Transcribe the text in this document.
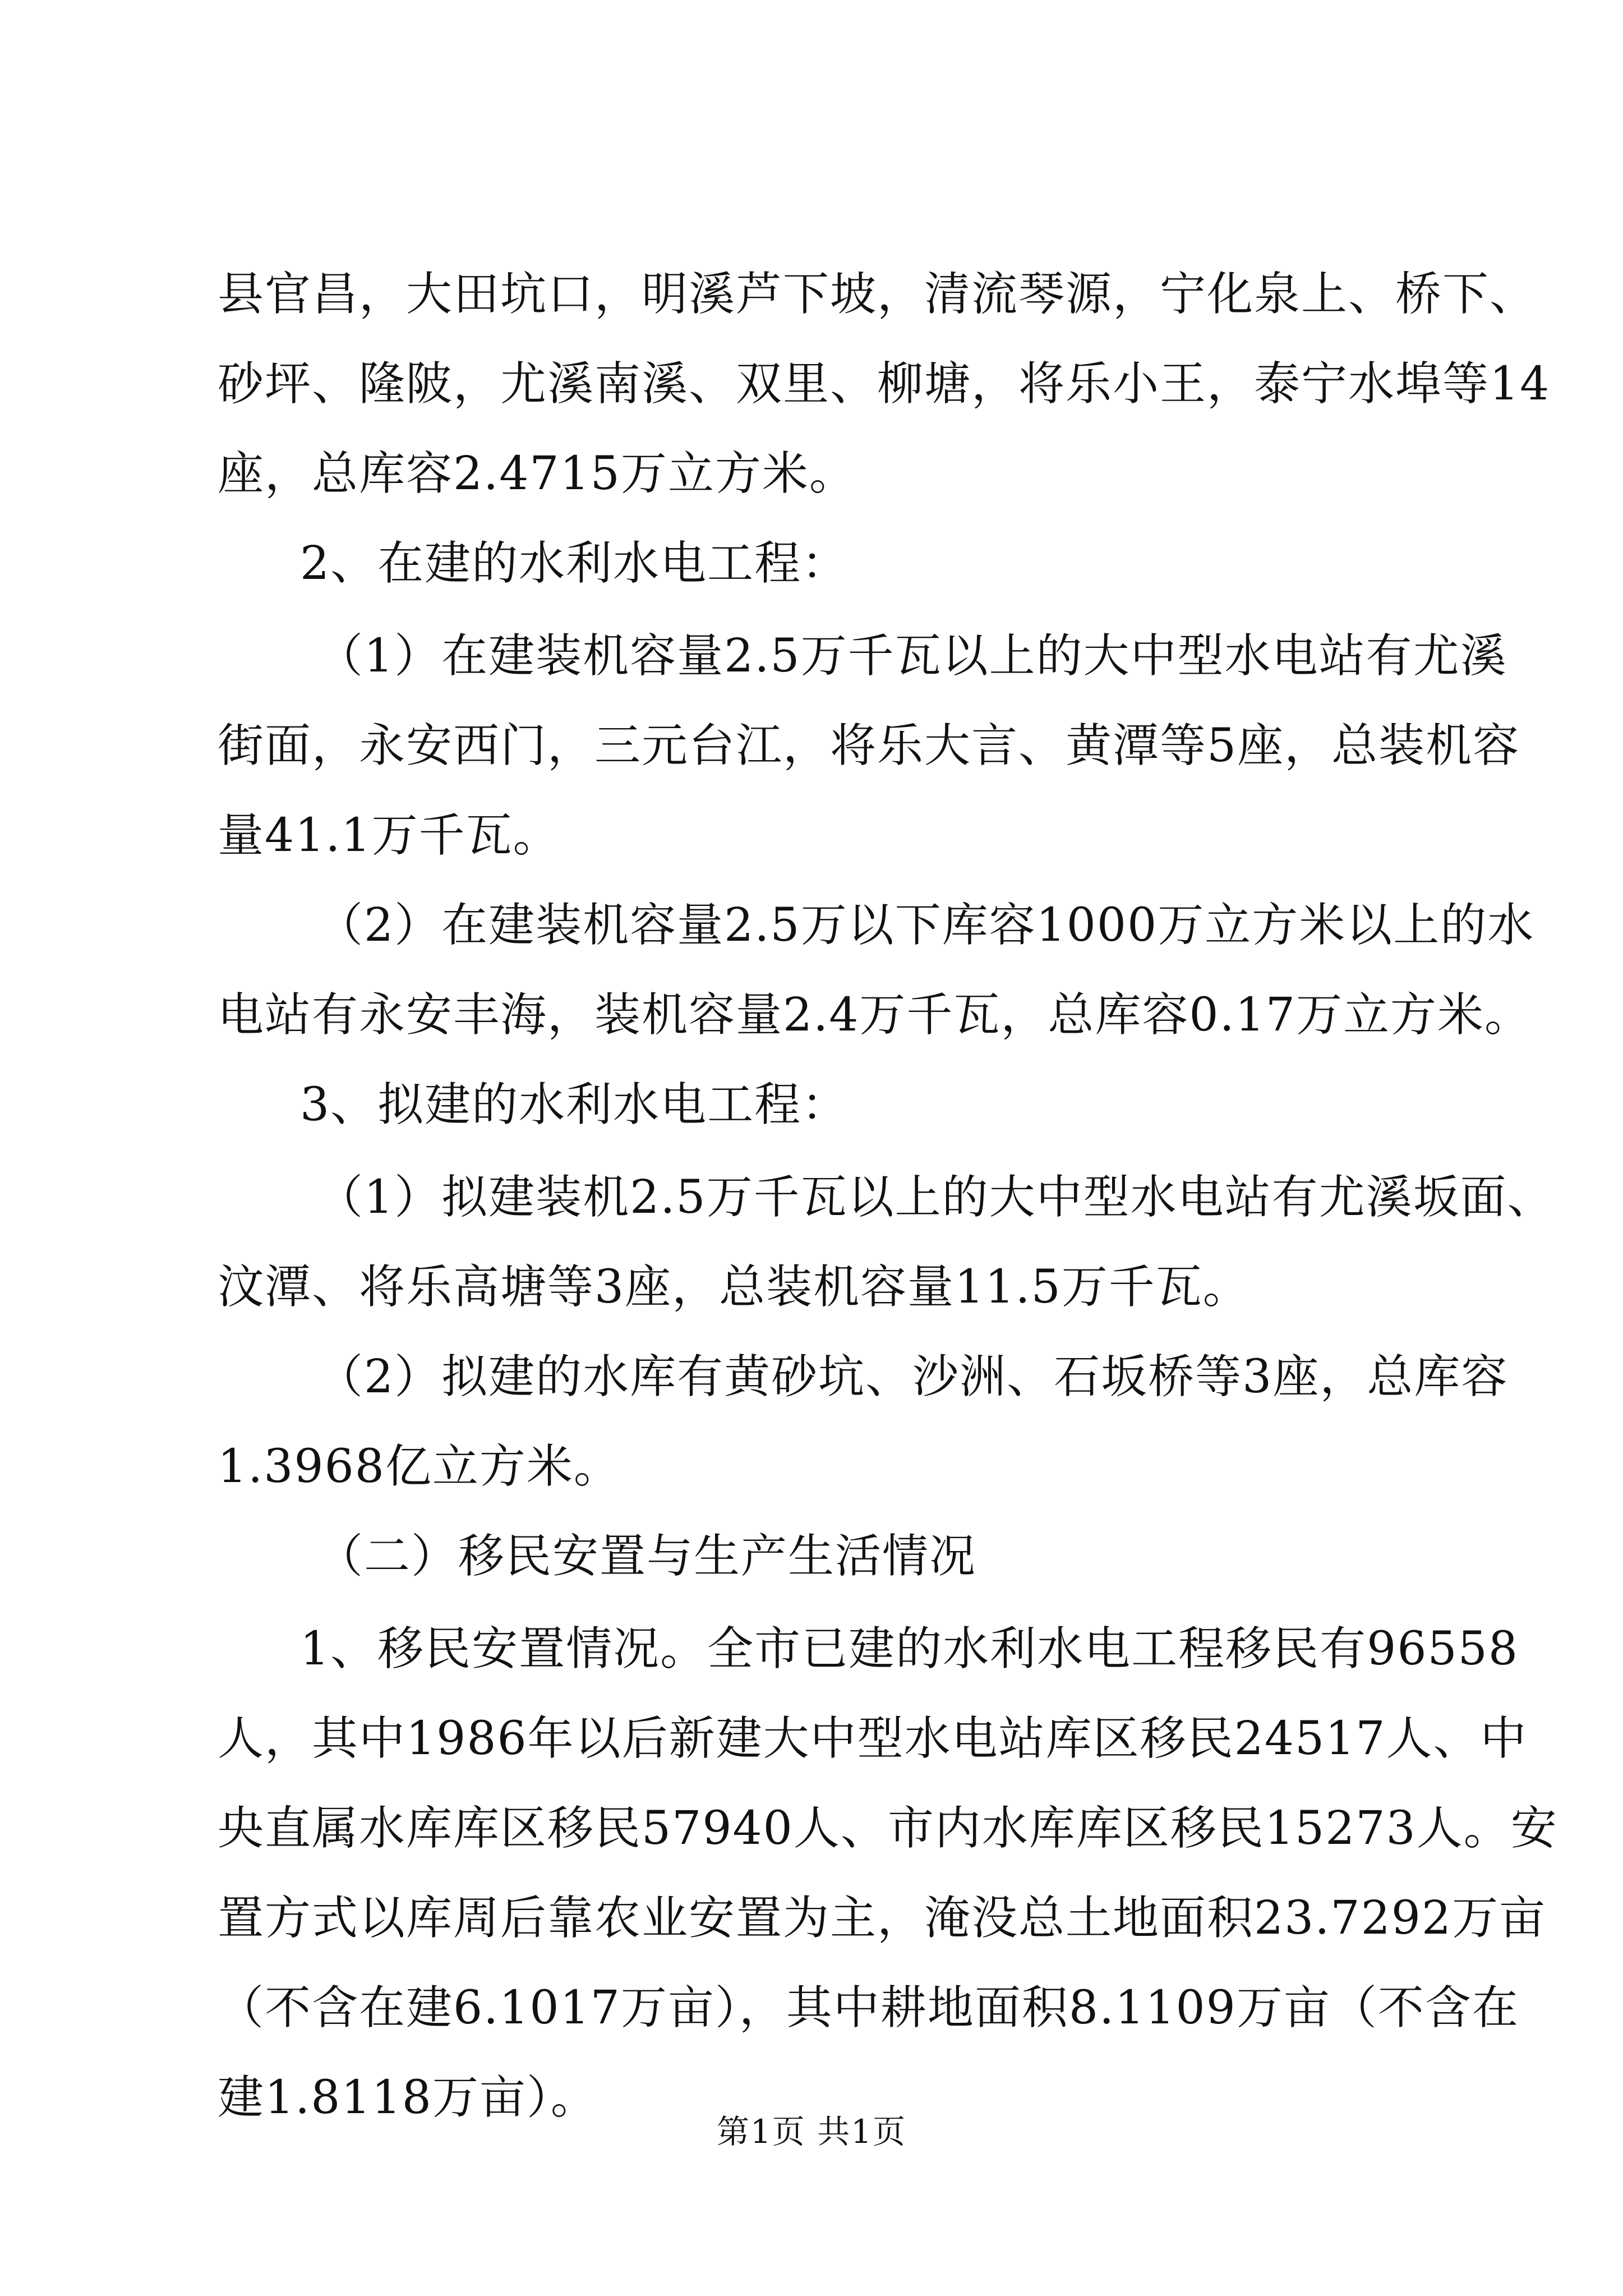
县官昌，大田坑口，明溪芦下坡，清流琴源，宁化泉上、桥下、
砂坪、隆陂，尤溪南溪、双里、柳塘，将乐小王，泰宁水埠等14
座，总库容2.4715万立方米。
2、在建的水利水电工程：
（1）在建装机容量2.5万千瓦以上的大中型水电站有尤溪
街面，永安西门，三元台江，将乐大言、黄潭等5座，总装机容
量41.1万千瓦。
（2）在建装机容量2.5万以下库容1000万立方米以上的水
电站有永安丰海，装机容量2.4万千瓦，总库容0.17万立方米。
3、拟建的水利水电工程：
（1）拟建装机2.5万千瓦以上的大中型水电站有尤溪坂面、
汶潭、将乐高塘等3座，总装机容量11.5万千瓦。
（2）拟建的水库有黄砂坑、沙洲、石坂桥等3座，总库容
1.3968亿立方米。
（二）移民安置与生产生活情况
1、移民安置情况。全市已建的水利水电工程移民有96558
人，其中1986年以后新建大中型水电站库区移民24517人、中
央直属水库库区移民57940人、市内水库库区移民15273人。安
置方式以库周后靠农业安置为主，淹没总土地面积23.7292万亩
（不含在建6.1017万亩），其中耕地面积8.1109万亩（不含在
建1.8118万亩）。
第1页 共1页
